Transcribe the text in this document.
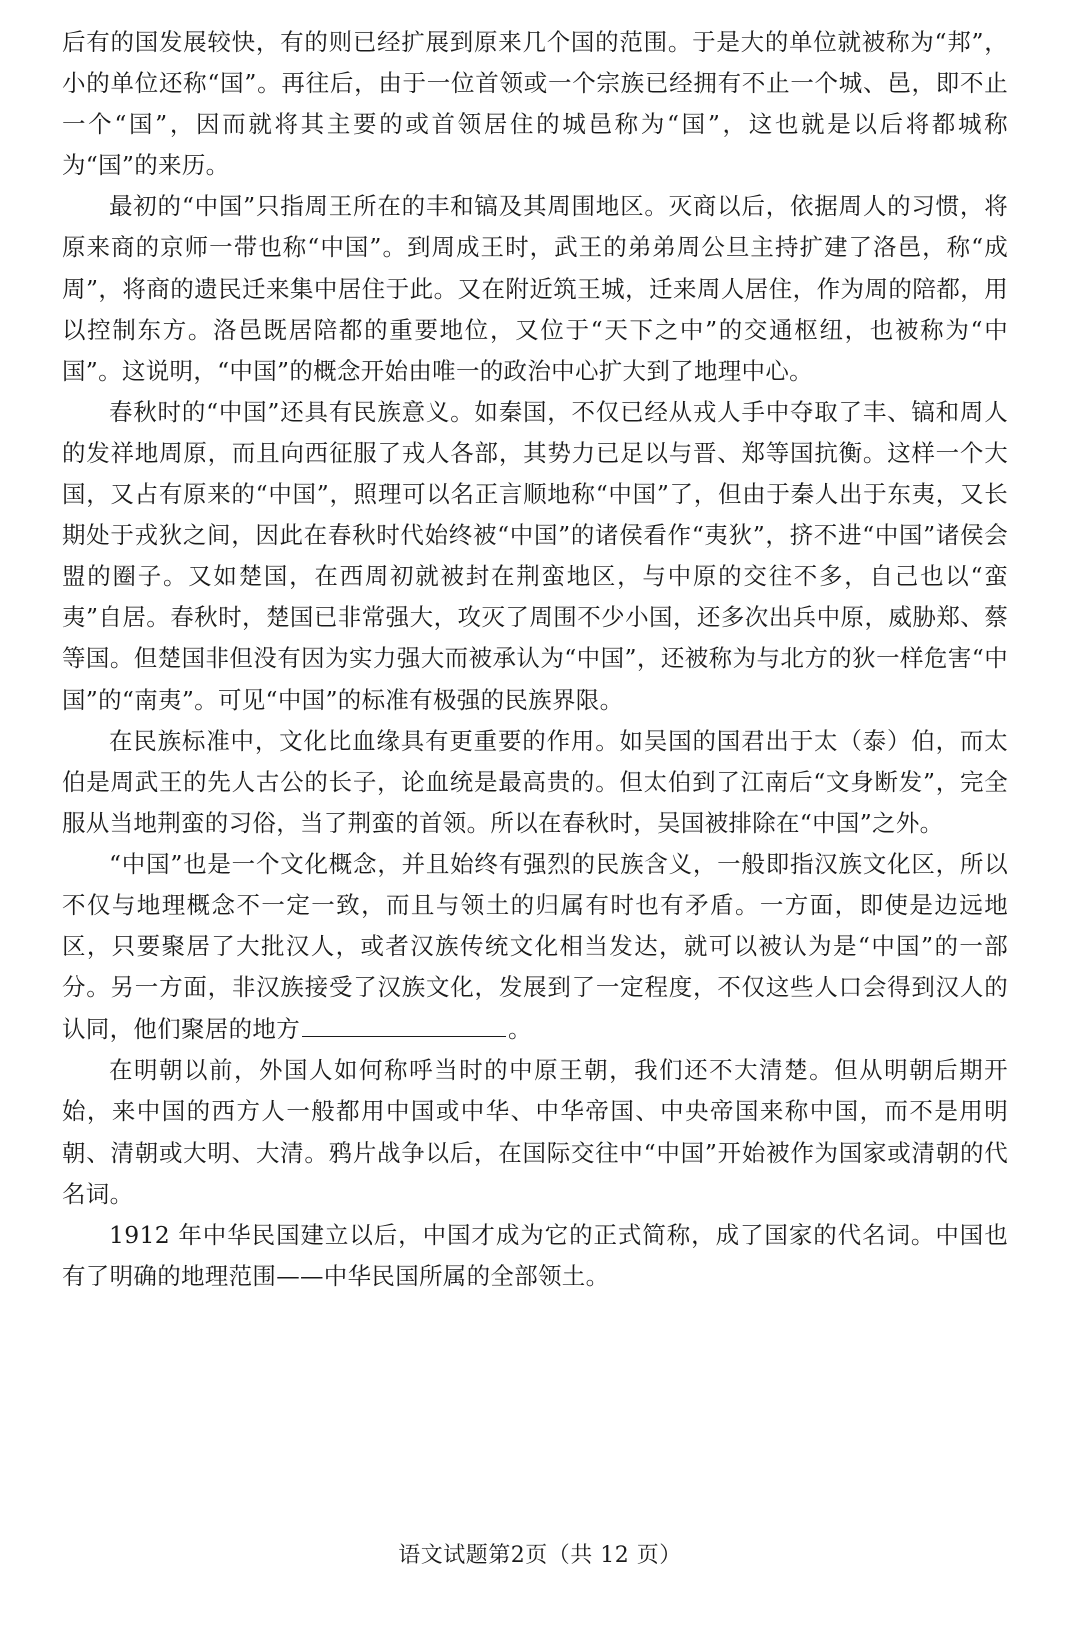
后有的国发展较快，有的则已经扩展到原来几个国的范围。于是大的单位就被称为“邦”，小的单位还称“国”。再往后，由于一位首领或一个宗族已经拥有不止一个城、邑，即不止一个“国”，因而就将其主要的或首领居住的城邑称为“国”，这也就是以后将都城称为“国”的来历。

最初的“中国”只指周王所在的丰和镐及其周围地区。灭商以后，依据周人的习惯，将原来商的京师一带也称“中国”。到周成王时，武王的弟弟周公旦主持扩建了洛邑，称“成周”，将商的遗民迁来集中居住于此。又在附近筑王城，迁来周人居住，作为周的陪都，用以控制东方。洛邑既居陪都的重要地位，又位于“天下之中”的交通枢纽，也被称为“中国”。这说明，“中国”的概念开始由唯一的政治中心扩大到了地理中心。

春秋时的“中国”还具有民族意义。如秦国，不仅已经从戎人手中夺取了丰、镐和周人的发祥地周原，而且向西征服了戎人各部，其势力已足以与晋、郑等国抗衡。这样一个大国，又占有原来的“中国”，照理可以名正言顺地称“中国”了，但由于秦人出于东夷，又长期处于戎狄之间，因此在春秋时代始终被“中国”的诸侯看作“夷狄”，挤不进“中国”诸侯会盟的圈子。又如楚国，在西周初就被封在荆蛮地区，与中原的交往不多，自己也以“蛮夷”自居。春秋时，楚国已非常强大，攻灭了周围不少小国，还多次出兵中原，威胁郑、蔡等国。但楚国非但没有因为实力强大而被承认为“中国”，还被称为与北方的狄一样危害“中国”的“南夷”。可见“中国”的标准有极强的民族界限。

在民族标准中，文化比血缘具有更重要的作用。如吴国的国君出于太（泰）伯，而太伯是周武王的先人古公的长子，论血统是最高贵的。但太伯到了江南后“文身断发”，完全服从当地荆蛮的习俗，当了荆蛮的首领。所以在春秋时，吴国被排除在“中国”之外。

“中国”也是一个文化概念，并且始终有强烈的民族含义，一般即指汉族文化区，所以不仅与地理概念不一定一致，而且与领土的归属有时也有矛盾。一方面，即使是边远地区，只要聚居了大批汉人，或者汉族传统文化相当发达，就可以被认为是“中国”的一部分。另一方面，非汉族接受了汉族文化，发展到了一定程度，不仅这些人口会得到汉人的认同，他们聚居的地方	。

在明朝以前，外国人如何称呼当时的中原王朝，我们还不大清楚。但从明朝后期开始，来中国的西方人一般都用中国或中华、中华帝国、中央帝国来称中国，而不是用明朝、清朝或大明、大清。鸦片战争以后，在国际交往中“中国”开始被作为国家或清朝的代名词。

1912 年中华民国建立以后，中国才成为它的正式简称，成了国家的代名词。中国也有了明确的地理范围——中华民国所属的全部领土。

语文试题第2页（共 12 页）
